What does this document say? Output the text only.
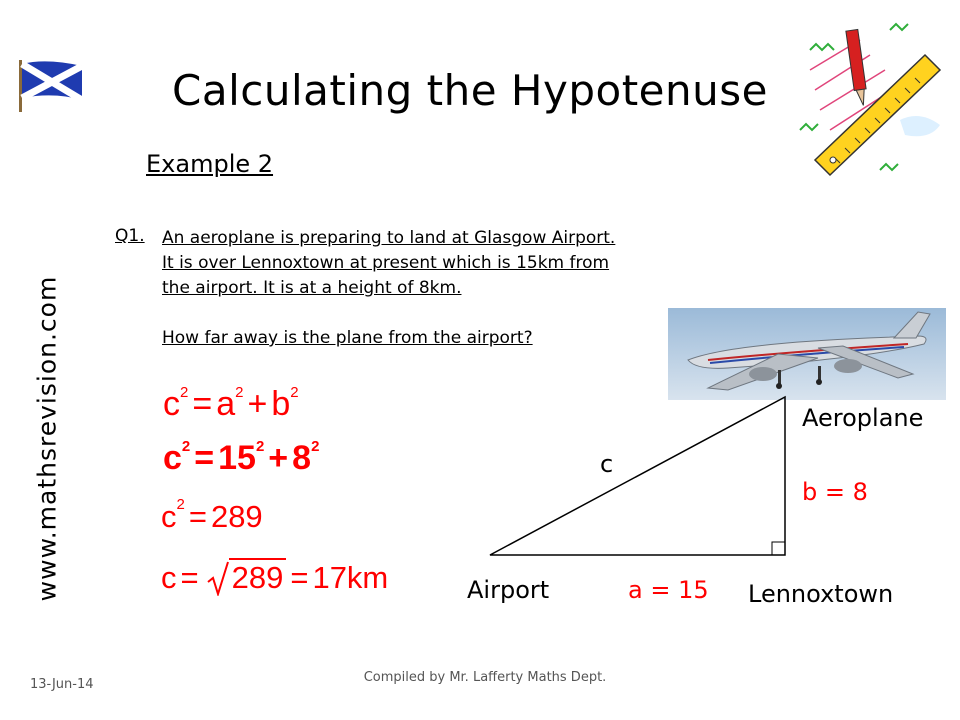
Calculating the Hypotenuse
Example 2
www.mathsrevision.com
Q1. An aeroplane is preparing to land at Glasgow Airport.
It is over Lennoxtown at present which is 15km from
the airport. It is at a height of 8km.
How far away is the plane from the airport?
$c^2 = a^2 + b^2$
$c^2 = 15^2 + 8^2$
$c^2 = 289$
c = 289 = 17km
Aeroplane
c
b = 8
Airport	a = 15 Lennoxtown
13-Jun-14	Compiled by Mr. Lafferty Maths Dept.
